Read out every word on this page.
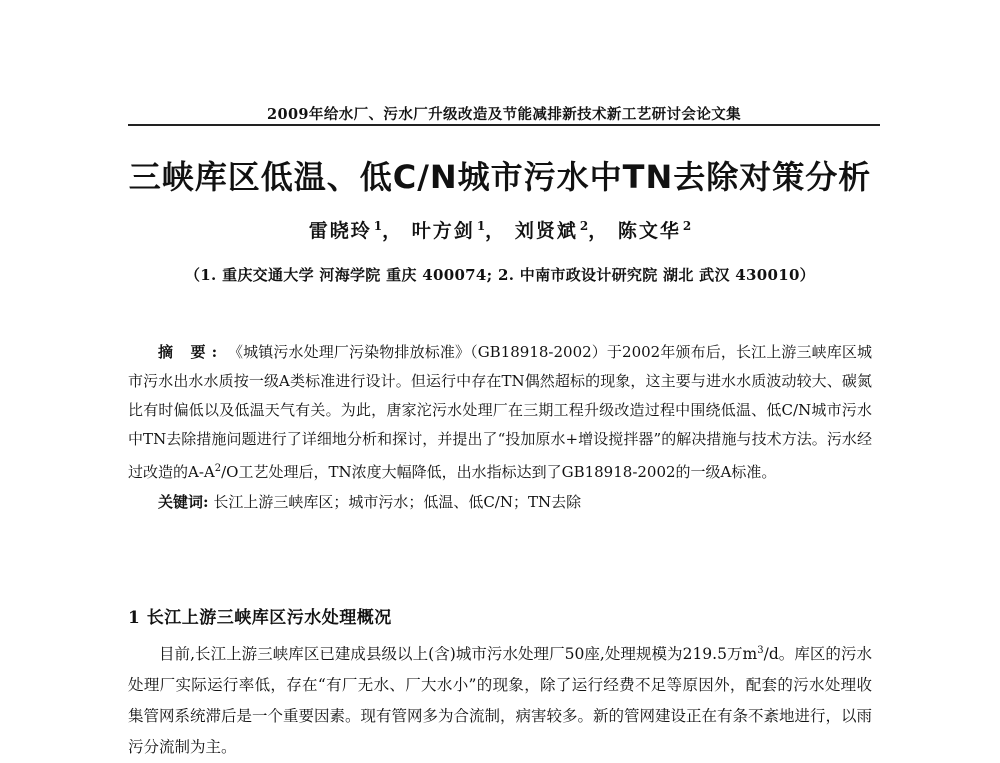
2009年给水厂、污水厂升级改造及节能减排新技术新工艺研讨会论文集
三峡库区低温、低C/N城市污水中TN去除对策分析
雷晓玲 $^1$， 叶方剑 $^1$， 刘贤斌 $^2$， 陈文华 $^2$
（1. 重庆交通大学 河海学院 重庆 400074; 2. 中南市政设计研究院 湖北 武汉 430010）
摘 要: 《城镇污水处理厂污染物排放标准》（GB18918-2002）于2002年颁布后，长江上游三峡库区城市污水出水水质按一级A类标准进行设计。但运行中存在TN偶然超标的现象，这主要与进水水质波动较大、碳氮比有时偏低以及低温天气有关。为此，唐家沱污水处理厂在三期工程升级改造过程中围绕低温、低C/N城市污水中TN去除措施问题进行了详细地分析和探讨，并提出了“投加原水+增设搅拌器”的解决措施与技术方法。污水经过改造的$A-A^2/O$工艺处理后，TN浓度大幅降低，出水指标达到了GB18918-2002的一级A标准。
关键词: 长江上游三峡库区；城市污水；低温、低C/N；TN去除
1 长江上游三峡库区污水处理概况

目前,长江上游三峡库区已建成县级以上(含)城市污水处理厂50座,处理规模为219.5万$m^3/d$。库区的污水处理厂实际运行率低，存在“有厂无水、厂大水小”的现象，除了运行经费不足等原因外，配套的污水处理收集管网系统滞后是一个重要因素。现有管网多为合流制，病害较多。新的管网建设正在有条不紊地进行，以雨污分流制为主。
